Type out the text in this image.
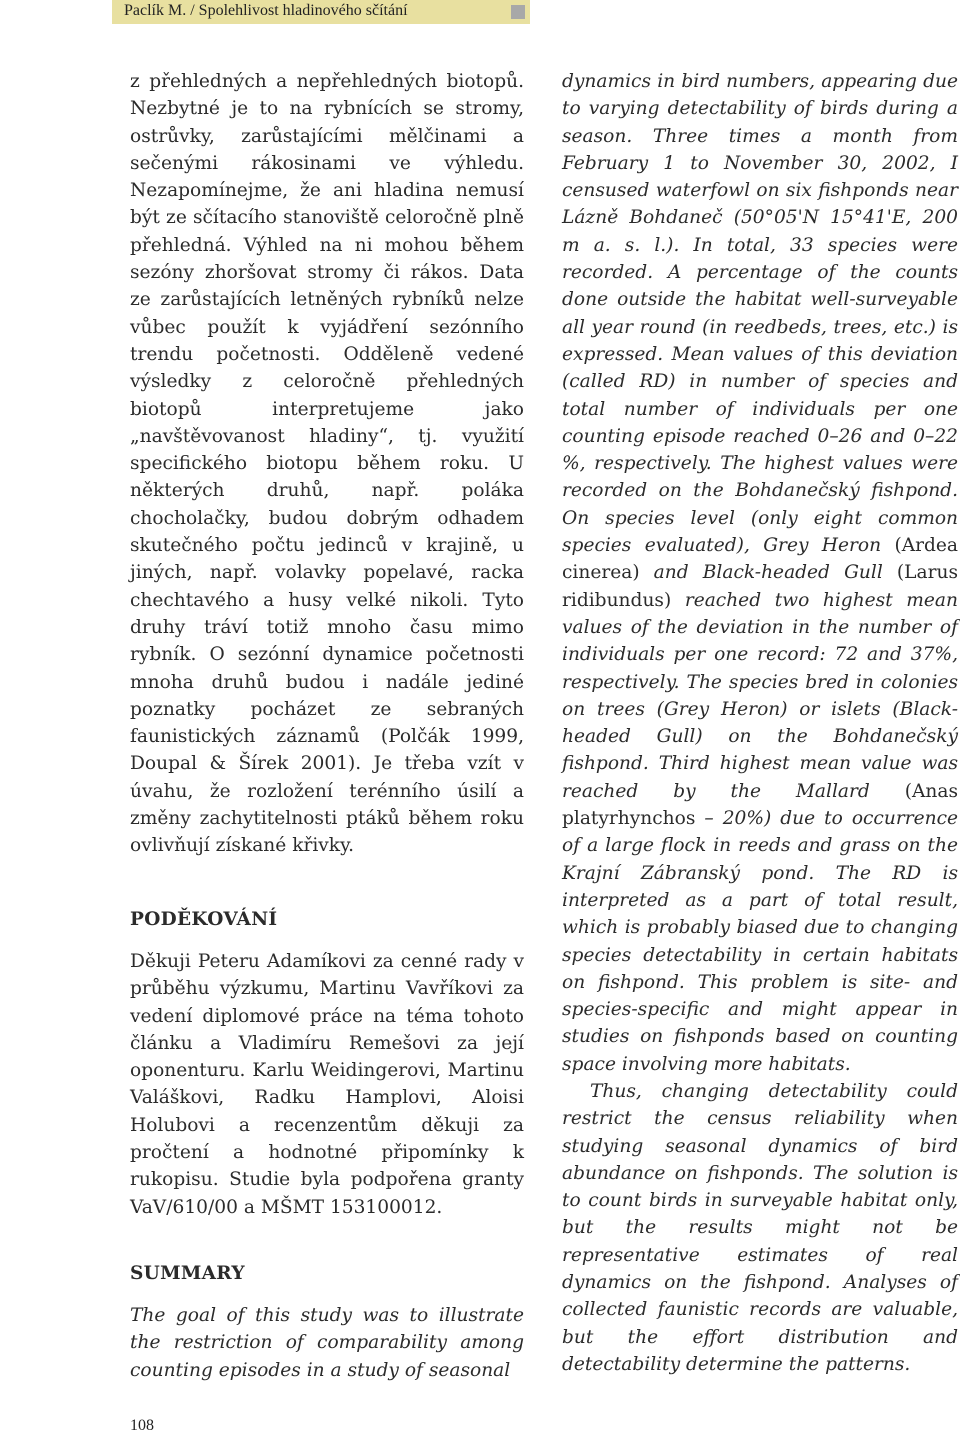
Paclík M. / Spolehlivost hladinového sčítání

z přehledných a nepřehledných biotopů. Nezbytné je to na rybnících se stromy, ostrůvky, zarůstajícími mělčinami a sečenými rákosinami ve výhledu. Nezapomínejme, že ani hladina nemusí být ze sčítacího stanoviště celoročně plně přehledná. Výhled na ni mohou během sezóny zhoršovat stromy či rákos. Data ze zarůstajících letněných rybníků nelze vůbec použít k vyjádření sezónního trendu početnosti. Odděleně vedené výsledky z celoročně přehledných biotopů interpretujeme jako „navštěvovanost hladiny“, tj. využití specifického biotopu během roku. U některých druhů, např. poláka chocholačky, budou dobrým odhadem skutečného počtu jedinců v krajině, u jiných, např. volavky popelavé, racka chechtavého a husy velké nikoli. Tyto druhy tráví totiž mnoho času mimo rybník. O sezónní dynamice početnosti mnoha druhů budou i nadále jediné poznatky pocházet ze sebraných faunistických záznamů (Polčák 1999, Doupal & Šírek 2001). Je třeba vzít v úvahu, že rozložení terénního úsilí a změny zachytitelnosti ptáků během roku ovlivňují získané křivky.

PODĚKOVÁNÍ

Děkuji Peteru Adamíkovi za cenné rady v průběhu výzkumu, Martinu Vavříkovi za vedení diplomové práce na téma tohoto článku a Vladimíru Remešovi za její oponenturu. Karlu Weidingerovi, Martinu Valáškovi, Radku Hamplovi, Aloisi Holubovi a recenzentům děkuji za pročtení a hodnotné připomínky k rukopisu. Studie byla podpořena granty VaV/610/00 a MŠMT 153100012.

SUMMARY

The goal of this study was to illustrate the restriction of comparability among counting episodes in a study of seasonal

dynamics in bird numbers, appearing due to varying detectability of birds during a season. Three times a month from February 1 to November 30, 2002, I censused waterfowl on six fishponds near Lázně Bohdaneč (50°05'N 15°41'E, 200 m a. s. l.). In total, 33 species were recorded. A percentage of the counts done outside the habitat well-surveyable all year round (in reedbeds, trees, etc.) is expressed. Mean values of this deviation (called RD) in number of species and total number of individuals per one counting episode reached 0–26 and 0–22 %, respectively. The highest values were recorded on the Bohdanečský fishpond. On species level (only eight common species evaluated), Grey Heron (Ardea cinerea) and Black-headed Gull (Larus ridibundus) reached two highest mean values of the deviation in the number of individuals per one record: 72 and 37%, respectively. The species bred in colonies on trees (Grey Heron) or islets (Black-headed Gull) on the Bohdanečský fishpond. Third highest mean value was reached by the Mallard (Anas platyrhynchos – 20%) due to occurrence of a large flock in reeds and grass on the Krajní Zábranský pond. The RD is interpreted as a part of total result, which is probably biased due to changing species detectability in certain habitats on fishpond. This problem is site- and species-specific and might appear in studies on fishponds based on counting space involving more habitats.

Thus, changing detectability could restrict the census reliability when studying seasonal dynamics of bird abundance on fishponds. The solution is to count birds in surveyable habitat only, but the results might not be representative estimates of real dynamics on the fishpond. Analyses of collected faunistic records are valuable, but the effort distribution and detectability determine the patterns.

108
